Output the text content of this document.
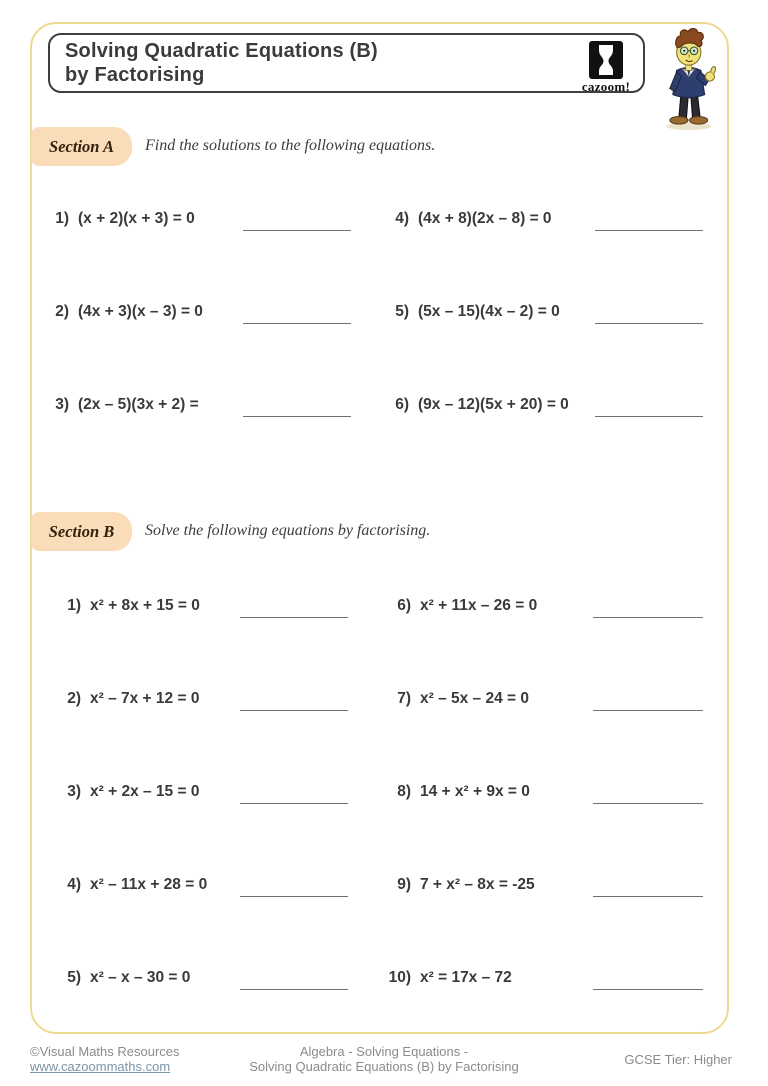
Solving Quadratic Equations (B)
by Factorising
cazoom!
Section A	Find the solutions to the following equations.
1) (x + 2)(x + 3) = 0	4) (4x + 8)(2x – 8) = 0
2) (4x + 3)(x – 3) = 0	5) (5x – 15)(4x – 2) = 0
3) (2x – 5)(3x + 2) =	6) (9x – 12)(5x + 20) = 0
Section B	Solve the following equations by factorising.
1) x² + 8x + 15 = 0	6) x² + 11x – 26 = 0
2) x² – 7x + 12 = 0	7) x² – 5x – 24 = 0
3) x² + 2x – 15 = 0	8) 14 + x² + 9x = 0
4) x² – 11x + 28 = 0	9) 7 + x² – 8x = -25
5) x² – x – 30 = 0	10) x² = 17x – 72
©Visual Maths Resources
www.cazoommaths.com
Algebra - Solving Equations -
Solving Quadratic Equations (B) by Factorising	GCSE Tier: Higher
